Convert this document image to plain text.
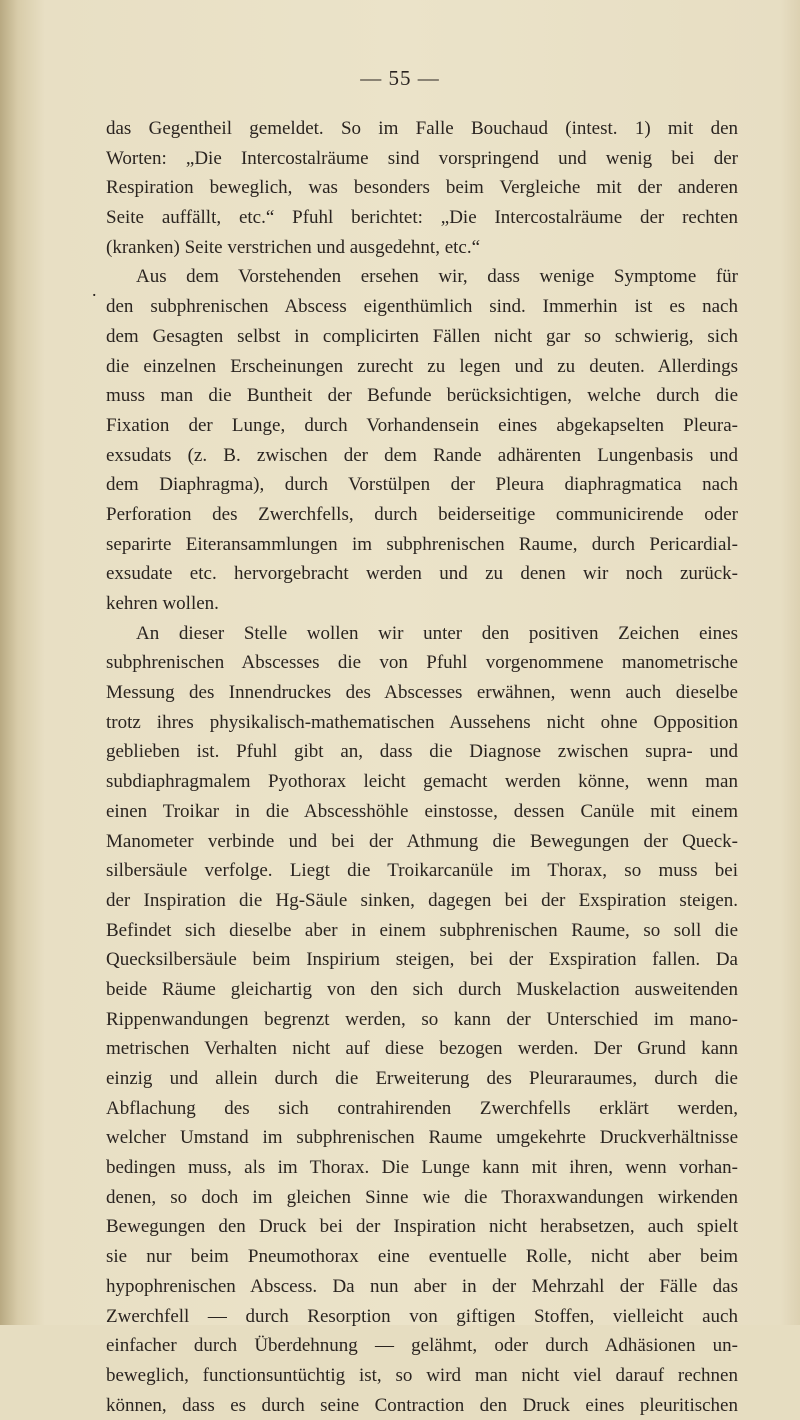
— 55 —
.
das Gegentheil gemeldet. So im Falle Bouchaud (intest. 1) mit den
Worten: „Die Intercostalräume sind vorspringend und wenig bei der
Respiration beweglich, was besonders beim Vergleiche mit der anderen
Seite auffällt, etc.“ Pfuhl berichtet: „Die Intercostalräume der rechten
(kranken) Seite verstrichen und ausgedehnt, etc.“
Aus dem Vorstehenden ersehen wir, dass wenige Symptome für
den subphrenischen Abscess eigenthümlich sind. Immerhin ist es nach
dem Gesagten selbst in complicirten Fällen nicht gar so schwierig, sich
die einzelnen Erscheinungen zurecht zu legen und zu deuten. Allerdings
muss man die Buntheit der Befunde berücksichtigen, welche durch die
Fixation der Lunge, durch Vorhandensein eines abgekapselten Pleura-
exsudats (z. B. zwischen der dem Rande adhärenten Lungenbasis und
dem Diaphragma), durch Vorstülpen der Pleura diaphragmatica nach
Perforation des Zwerchfells, durch beiderseitige communicirende oder
separirte Eiteransammlungen im subphrenischen Raume, durch Pericardial-
exsudate etc. hervorgebracht werden und zu denen wir noch zurück-
kehren wollen.
An dieser Stelle wollen wir unter den positiven Zeichen eines
subphrenischen Abscesses die von Pfuhl vorgenommene manometrische
Messung des Innendruckes des Abscesses erwähnen, wenn auch dieselbe
trotz ihres physikalisch-mathematischen Aussehens nicht ohne Opposition
geblieben ist. Pfuhl gibt an, dass die Diagnose zwischen supra- und
subdiaphragmalem Pyothorax leicht gemacht werden könne, wenn man
einen Troikar in die Abscesshöhle einstosse, dessen Canüle mit einem
Manometer verbinde und bei der Athmung die Bewegungen der Queck-
silbersäule verfolge. Liegt die Troikarcanüle im Thorax, so muss bei
der Inspiration die Hg-Säule sinken, dagegen bei der Exspiration steigen.
Befindet sich dieselbe aber in einem subphrenischen Raume, so soll die
Quecksilbersäule beim Inspirium steigen, bei der Exspiration fallen. Da
beide Räume gleichartig von den sich durch Muskelaction ausweitenden
Rippenwandungen begrenzt werden, so kann der Unterschied im mano-
metrischen Verhalten nicht auf diese bezogen werden. Der Grund kann
einzig und allein durch die Erweiterung des Pleuraraumes, durch die
Abflachung des sich contrahirenden Zwerchfells erklärt werden,
welcher Umstand im subphrenischen Raume umgekehrte Druckverhältnisse
bedingen muss, als im Thorax. Die Lunge kann mit ihren, wenn vorhan-
denen, so doch im gleichen Sinne wie die Thoraxwandungen wirkenden
Bewegungen den Druck bei der Inspiration nicht herabsetzen, auch spielt
sie nur beim Pneumothorax eine eventuelle Rolle, nicht aber beim
hypophrenischen Abscess. Da nun aber in der Mehrzahl der Fälle das
Zwerchfell — durch Resorption von giftigen Stoffen, vielleicht auch
einfacher durch Überdehnung — gelähmt, oder durch Adhäsionen un-
beweglich, functionsuntüchtig ist, so wird man nicht viel darauf rechnen
können, dass es durch seine Contraction den Druck eines pleuritischen
